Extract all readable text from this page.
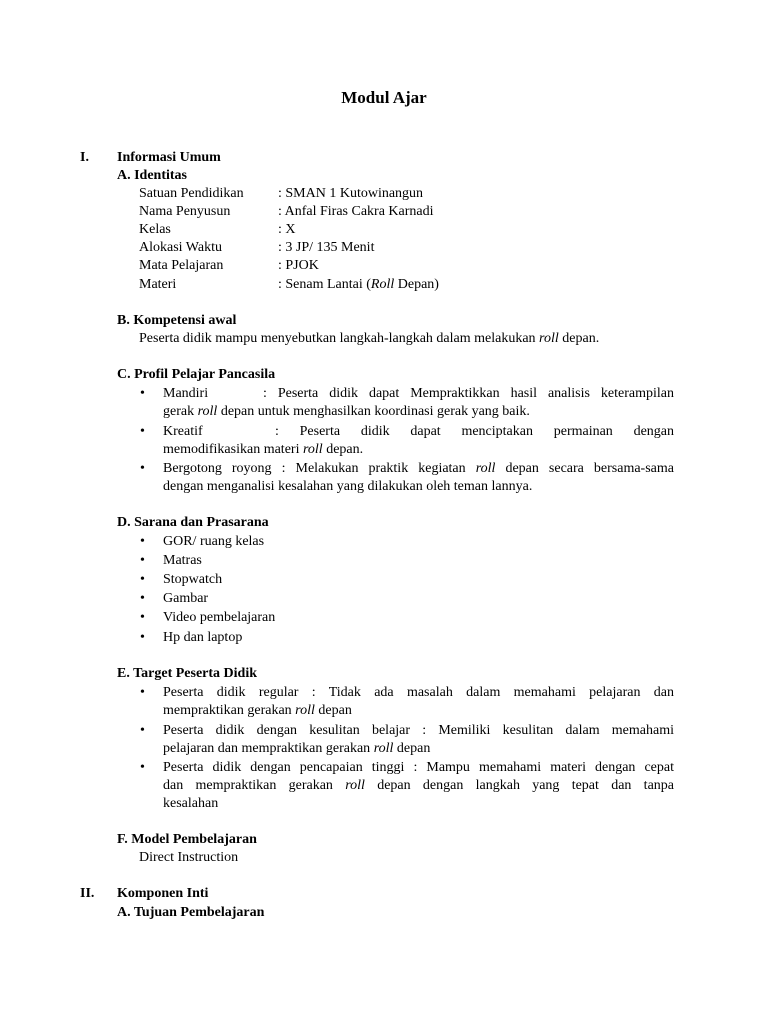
Modul Ajar
I. Informasi Umum
A. Identitas
Satuan Pendidikan : SMAN 1 Kutowinangun
Nama Penyusun	: Anfal Firas Cakra Karnadi
Kelas	: X
Alokasi Waktu	: 3 JP/ 135 Menit
Mata Pelajaran	: PJOK
Materi	: Senam Lantai (Roll Depan)
B. Kompetensi awal
Peserta didik mampu menyebutkan langkah-langkah dalam melakukan roll depan.
C. Profil Pelajar Pancasila
• Mandiri	: Peserta didik dapat Mempraktikkan hasil analisis keterampilan
gerak roll depan untuk menghasilkan koordinasi gerak yang baik.
• Kreatif	: Peserta didik dapat menciptakan permainan dengan
memodifikasikan materi roll depan.
• Bergotong royong : Melakukan praktik kegiatan roll depan secara bersama-sama
dengan menganalisi kesalahan yang dilakukan oleh teman lannya.
D. Sarana dan Prasarana
• GOR/ ruang kelas
• Matras
• Stopwatch
• Gambar
• Video pembelajaran
• Hp dan laptop
E. Target Peserta Didik
• Peserta didik regular : Tidak ada masalah dalam memahami pelajaran dan
mempraktikan gerakan roll depan
• Peserta didik dengan kesulitan belajar : Memiliki kesulitan dalam memahami
pelajaran dan mempraktikan gerakan roll depan
• Peserta didik dengan pencapaian tinggi : Mampu memahami materi dengan cepat
dan mempraktikan gerakan roll depan dengan langkah yang tepat dan tanpa
kesalahan
F. Model Pembelajaran
Direct Instruction
II. Komponen Inti
A. Tujuan Pembelajaran
